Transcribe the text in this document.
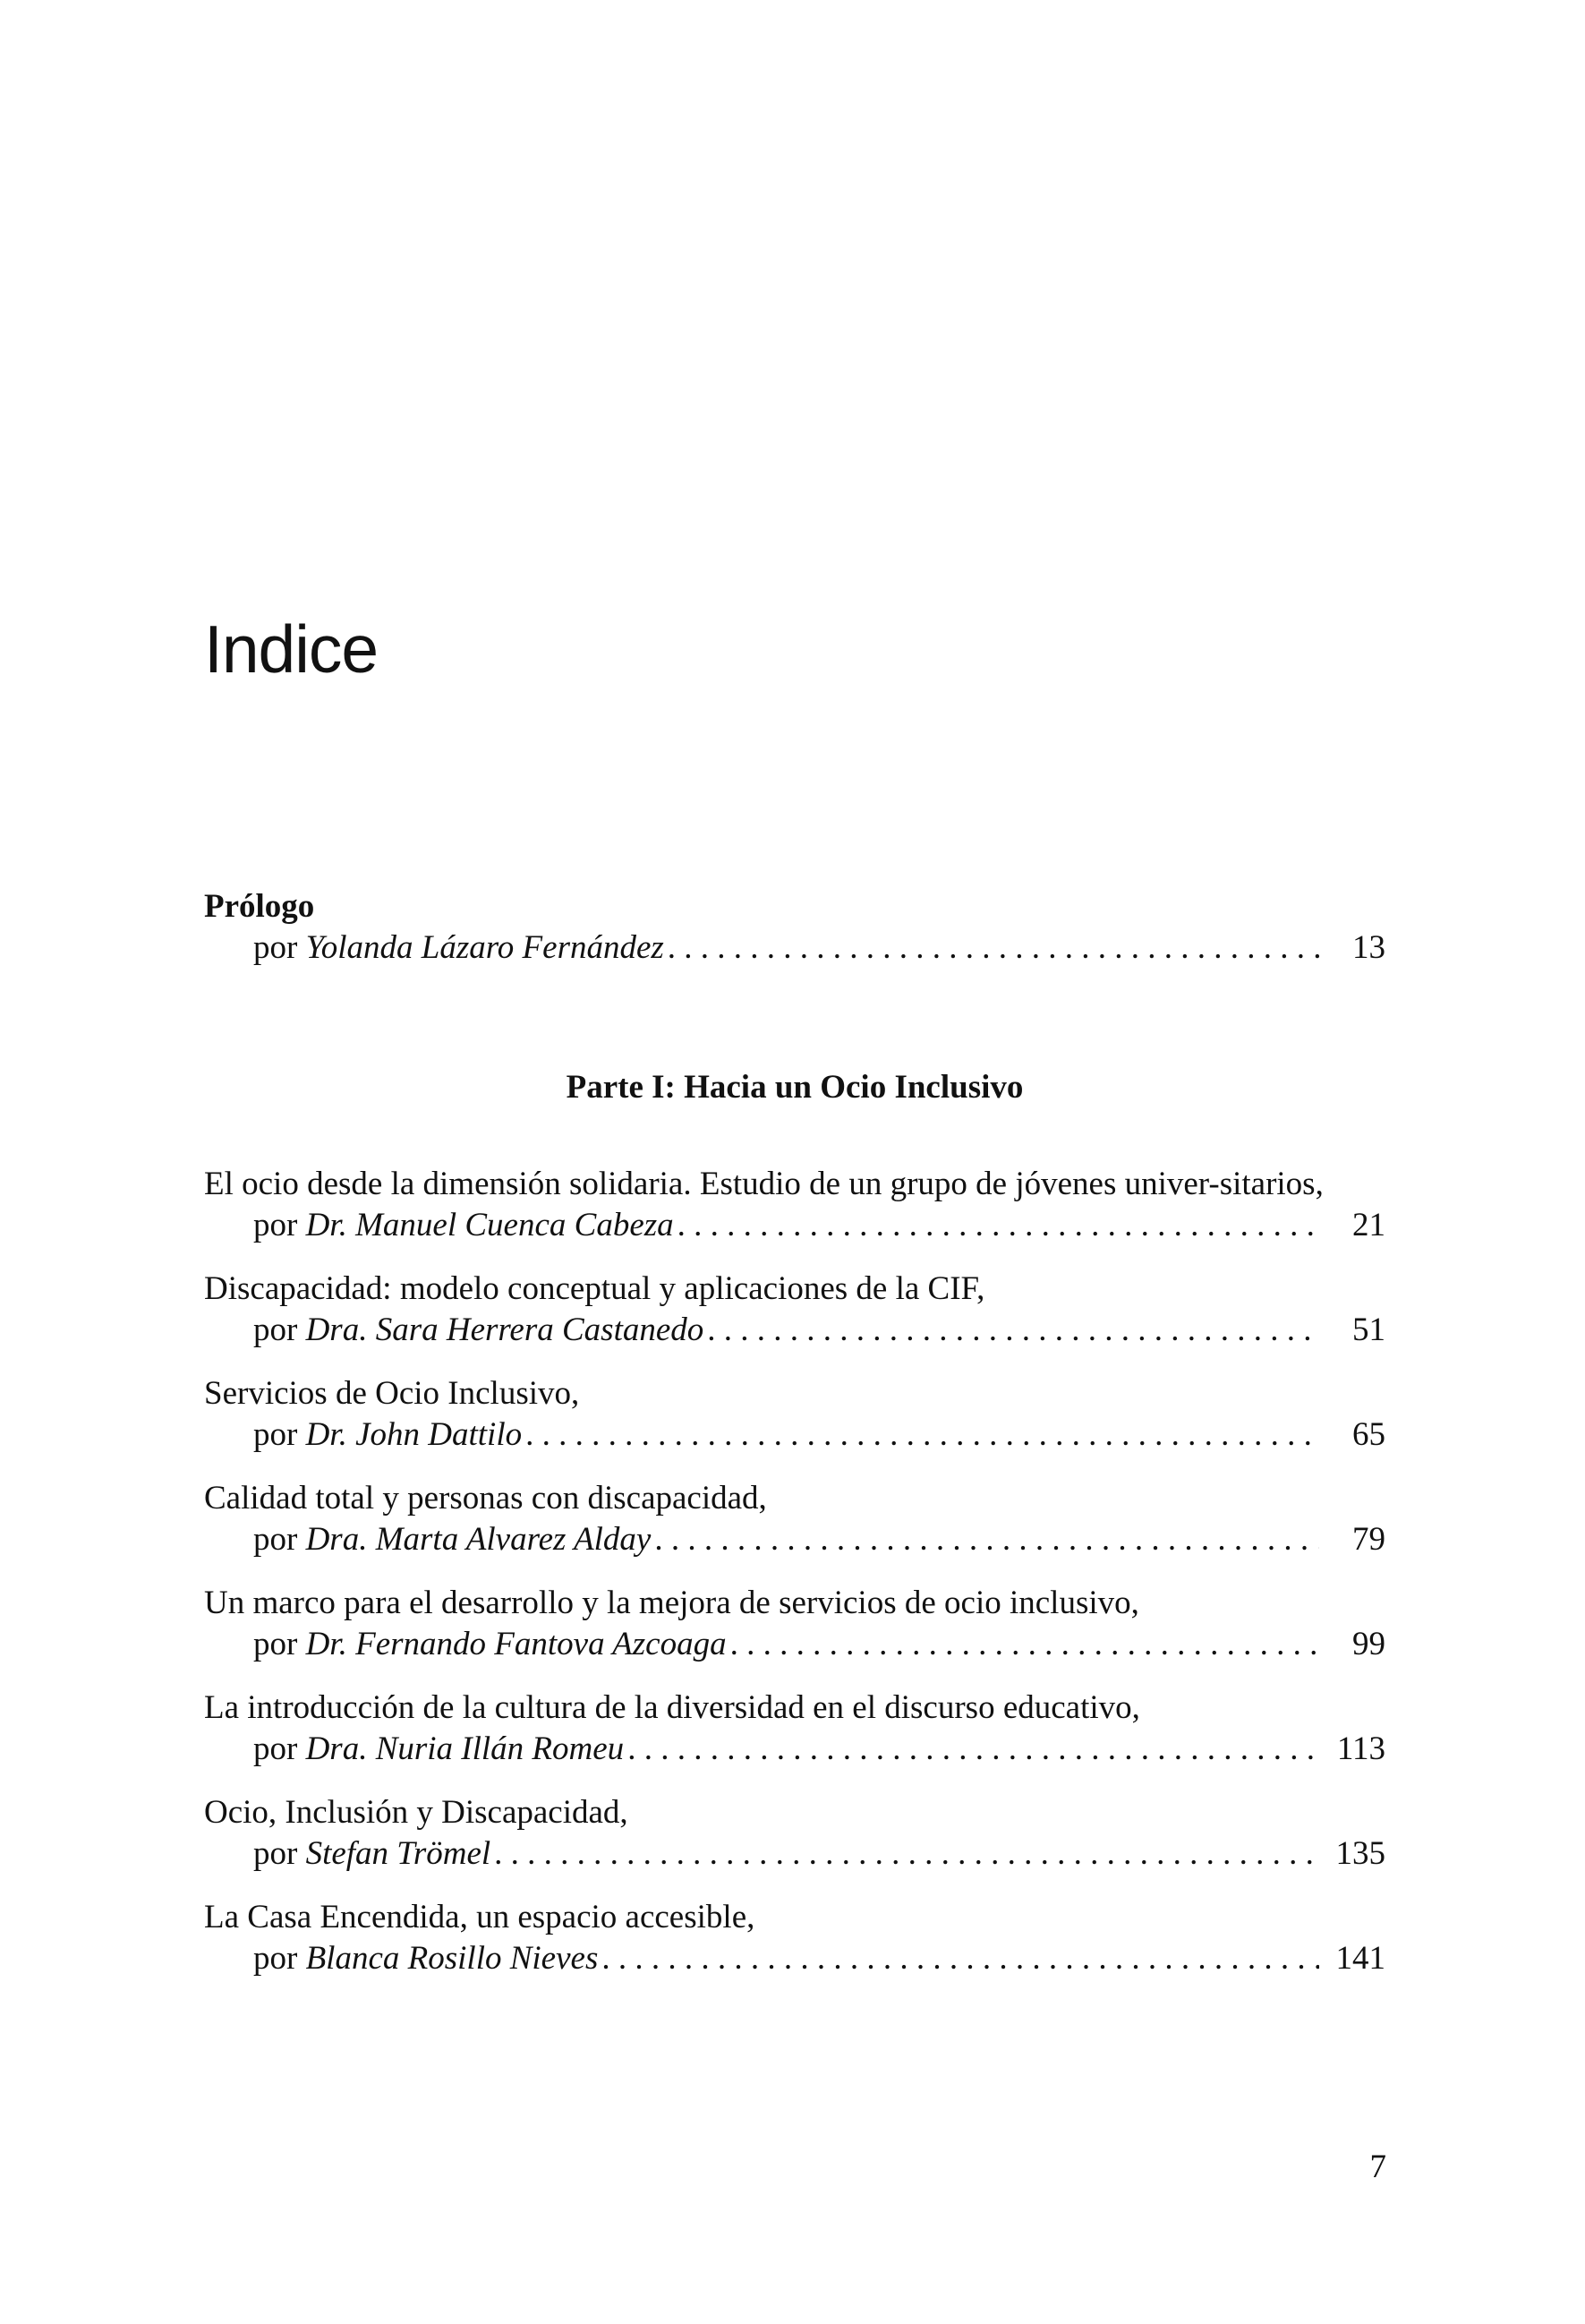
Indice
Prólogo
por Yolanda Lázaro Fernández . . .	13
Parte I: Hacia un Ocio Inclusivo
El ocio desde la dimensión solidaria. Estudio de un grupo de jóvenes univer-sitarios,
por Dr. Manuel Cuenca Cabeza . . .	21
Discapacidad: modelo conceptual y aplicaciones de la CIF,
por Dra. Sara Herrera Castanedo . . .	51
Servicios de Ocio Inclusivo,
por Dr. John Dattilo . . .	65
Calidad total y personas con discapacidad,
por Dra. Marta Alvarez Alday . . .	79
Un marco para el desarrollo y la mejora de servicios de ocio inclusivo,
por Dr. Fernando Fantova Azcoaga . . .	99
La introducción de la cultura de la diversidad en el discurso educativo,
por Dra. Nuria Illán Romeu . . .	113
Ocio, Inclusión y Discapacidad,
por Stefan Trömel . . .	135
La Casa Encendida, un espacio accesible,
por Blanca Rosillo Nieves . . .	141
7
